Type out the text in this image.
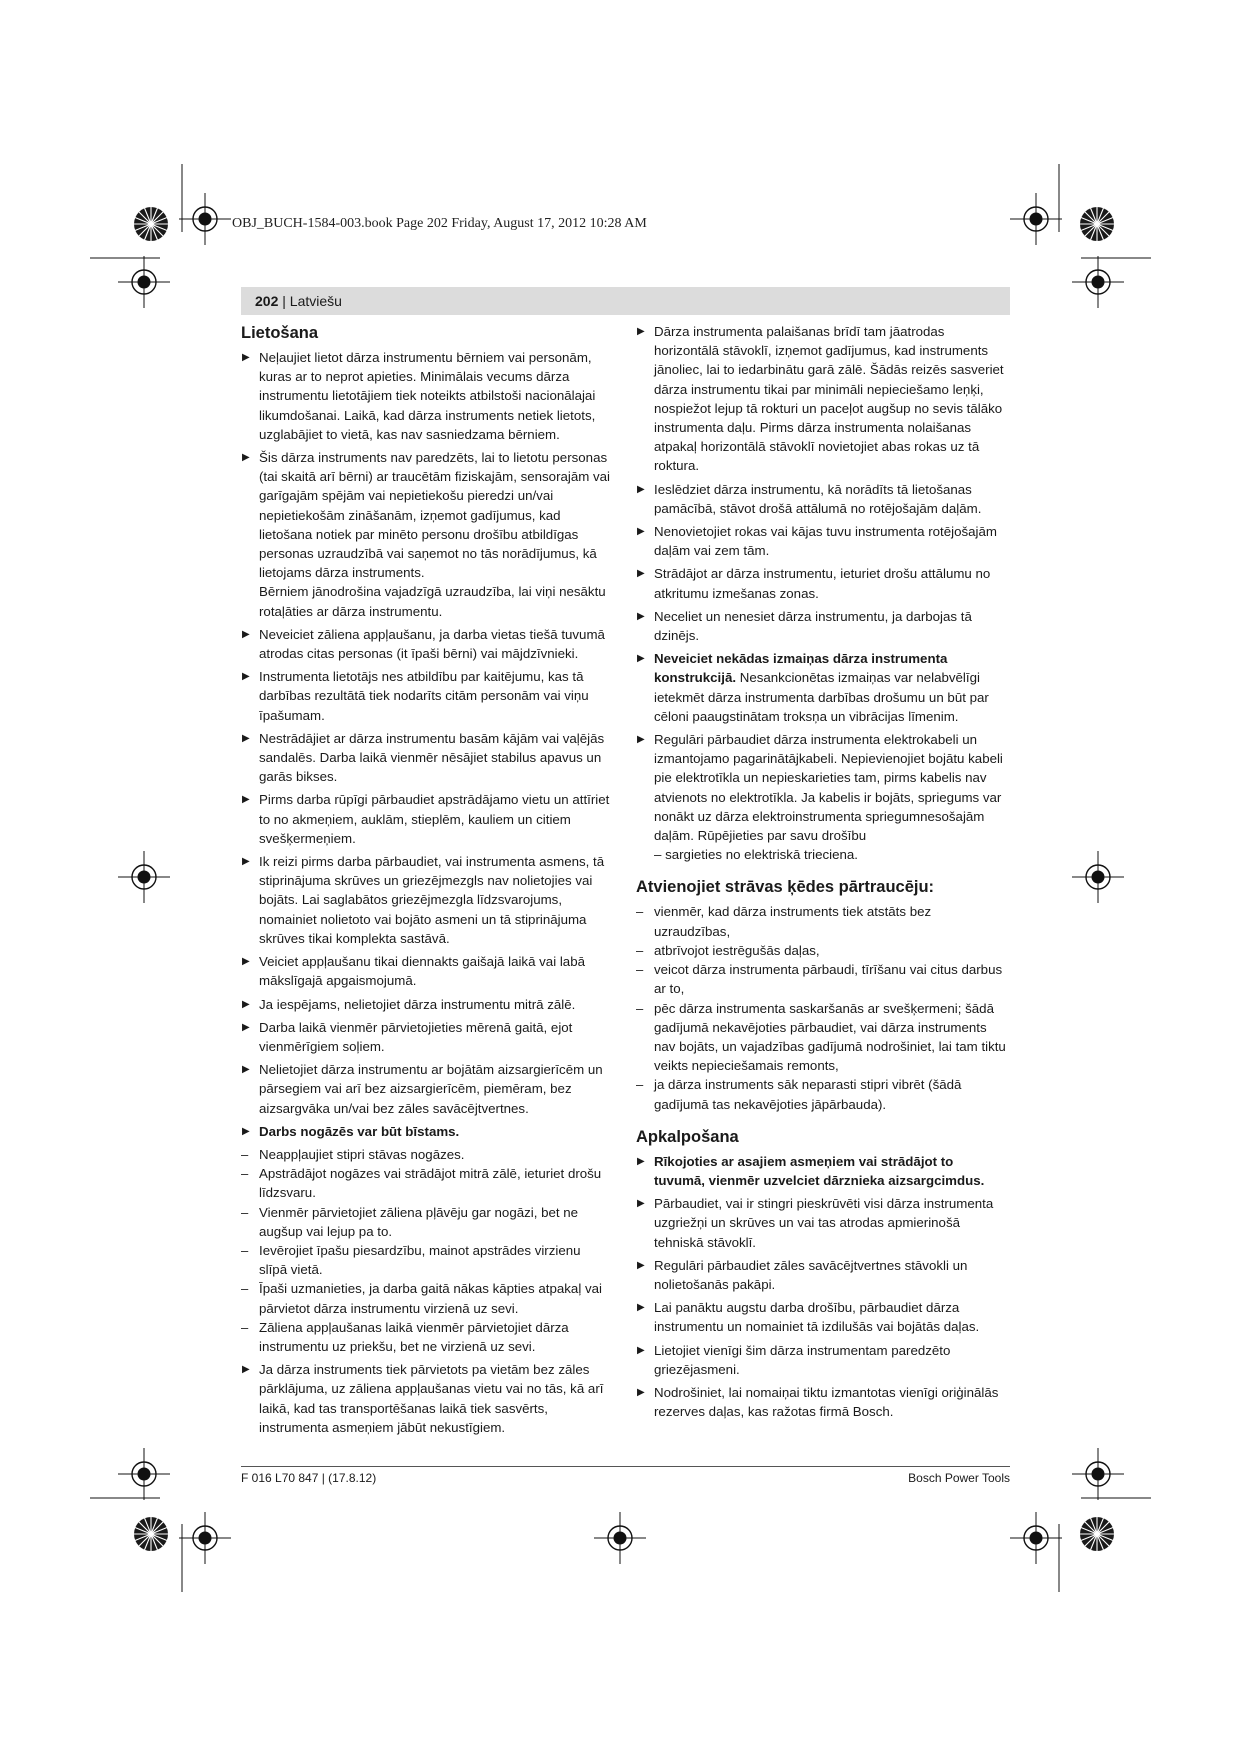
OBJ_BUCH-1584-003.book Page 202 Friday, August 17, 2012 10:28 AM

202 | Latviešu
Lietošana
▶ Neļaujiet lietot dārza instrumentu bērniem vai personām, kuras ar to neprot apieties. Minimālais vecums dārza instrumentu lietotājiem tiek noteikts atbilstoši nacionālajai likumdošanai. Laikā, kad dārza instruments netiek lietots, uzglabājiet to vietā, kas nav sasniedzama bērniem.
▶ Šis dārza instruments nav paredzēts, lai to lietotu personas (tai skaitā arī bērni) ar traucētām fiziskajām, sensorajām vai garīgajām spējām vai nepietiekošu pieredzi un/vai nepietiekošām zināšanām, izņemot gadījumus, kad lietošana notiek par minēto personu drošību atbildīgas personas uzraudzībā vai saņemot no tās norādījumus, kā lietojams dārza instruments.
Bērniem jānodrošina vajadzīgā uzraudzība, lai viņi nesāktu rotaļāties ar dārza instrumentu.
▶ Neveiciet zāliena appļaušanu, ja darba vietas tiešā tuvumā atrodas citas personas (it īpaši bērni) vai mājdzīvnieki.
▶ Instrumenta lietotājs nes atbildību par kaitējumu, kas tā darbības rezultātā tiek nodarīts citām personām vai viņu īpašumam.
▶ Nestrādājiet ar dārza instrumentu basām kājām vai vaļējās sandalēs. Darba laikā vienmēr nēsājiet stabilus apavus un garās bikses.
▶ Pirms darba rūpīgi pārbaudiet apstrādājamo vietu un attīriet to no akmeņiem, auklām, stieplēm, kauliem un citiem svešķermeņiem.
▶ Ik reizi pirms darba pārbaudiet, vai instrumenta asmens, tā stiprinājuma skrūves un griezējmezgls nav nolietojies vai bojāts. Lai saglabātos griezējmezgla līdzsvarojums, nomainiet nolietoto vai bojāto asmeni un tā stiprinājuma skrūves tikai komplekta sastāvā.
▶ Veiciet appļaušanu tikai diennakts gaišajā laikā vai labā mākslīgajā apgaismojumā.
▶ Ja iespējams, nelietojiet dārza instrumentu mitrā zālē.
▶ Darba laikā vienmēr pārvietojieties mērenā gaitā, ejot vienmērīgiem soļiem.
▶ Nelietojiet dārza instrumentu ar bojātām aizsargierīcēm un pārsegiem vai arī bez aizsargierīcēm, piemēram, bez aizsargvāka un/vai bez zāles savācējtvertnes.
▶ Darbs nogāzēs var būt bīstams.
– Neappļaujiet stipri stāvas nogāzes.
– Apstrādājot nogāzes vai strādājot mitrā zālē, ieturiet drošu līdzsvaru.
– Vienmēr pārvietojiet zāliena pļāvēju gar nogāzi, bet ne augšup vai lejup pa to.
– Ievērojiet īpašu piesardzību, mainot apstrādes virzienu slīpā vietā.
– Īpaši uzmanieties, ja darba gaitā nākas kāpties atpakaļ vai pārvietot dārza instrumentu virzienā uz sevi.
– Zāliena appļaušanas laikā vienmēr pārvietojiet dārza instrumentu uz priekšu, bet ne virzienā uz sevi.
▶ Ja dārza instruments tiek pārvietots pa vietām bez zāles pārklājuma, uz zāliena appļaušanas vietu vai no tās, kā arī laikā, kad tas transportēšanas laikā tiek sasvērts, instrumenta asmeņiem jābūt nekustīgiem.
▶ Dārza instrumenta palaišanas brīdī tam jāatrodas horizontālā stāvoklī, izņemot gadījumus, kad instruments jānoliec, lai to iedarbinātu garā zālē. Šādās reizēs sasveriet dārza instrumentu tikai par minimāli nepieciešamo leņķi, nospiežot lejup tā rokturi un paceļot augšup no sevis tālāko instrumenta daļu. Pirms dārza instrumenta nolaišanas atpakaļ horizontālā stāvoklī novietojiet abas rokas uz tā roktura.
▶ Ieslēdziet dārza instrumentu, kā norādīts tā lietošanas pamācībā, stāvot drošā attālumā no rotējošajām daļām.
▶ Nenovietojiet rokas vai kājas tuvu instrumenta rotējošajām daļām vai zem tām.
▶ Strādājot ar dārza instrumentu, ieturiet drošu attālumu no atkritumu izmešanas zonas.
▶ Neceliet un nenesiet dārza instrumentu, ja darbojas tā dzinējs.
▶ Neveiciet nekādas izmaiņas dārza instrumenta konstrukcijā. Nesankcionētas izmaiņas var nelabvēlīgi ietekmēt dārza instrumenta darbības drošumu un būt par cēloni paaugstinātam troksņa un vibrācijas līmenim.
▶ Regulāri pārbaudiet dārza instrumenta elektrokabeli un izmantojamo pagarinātājkabeli. Nepievienojiet bojātu kabeli pie elektrotīkla un nepieskarieties tam, pirms kabelis nav atvienots no elektrotīkla. Ja kabelis ir bojāts, spriegums var nonākt uz dārza elektroinstrumenta spriegumnesošajām daļām. Rūpējieties par savu drošību
– sargieties no elektriskā trieciena.
Atvienojiet strāvas ķēdes pārtraucēju:
– vienmēr, kad dārza instruments tiek atstāts bez uzraudzības,
– atbrīvojot iestrēgušās daļas,
– veicot dārza instrumenta pārbaudi, tīrīšanu vai citus darbus ar to,
– pēc dārza instrumenta saskaršanās ar svešķermeni; šādā gadījumā nekavējoties pārbaudiet, vai dārza instruments nav bojāts, un vajadzības gadījumā nodrošiniet, lai tam tiktu veikts nepieciešamais remonts,
– ja dārza instruments sāk neparasti stipri vibrēt (šādā gadījumā tas nekavējoties jāpārbauda).
Apkalpošana
▶ Rīkojoties ar asajiem asmeņiem vai strādājot to tuvumā, vienmēr uzvelciet dārznieka aizsargcimdus.
▶ Pārbaudiet, vai ir stingri pieskrūvēti visi dārza instrumenta uzgriežņi un skrūves un vai tas atrodas apmierinošā tehniskā stāvoklī.
▶ Regulāri pārbaudiet zāles savācējtvertnes stāvokli un nolietošanās pakāpi.
▶ Lai panāktu augstu darba drošību, pārbaudiet dārza instrumentu un nomainiet tā izdilušās vai bojātās daļas.
▶ Lietojiet vienīgi šim dārza instrumentam paredzēto griezējasmeni.
▶ Nodrošiniet, lai nomaiņai tiktu izmantotas vienīgi oriģinālās rezerves daļas, kas ražotas firmā Bosch.
F 016 L70 847 | (17.8.12)	Bosch Power Tools
